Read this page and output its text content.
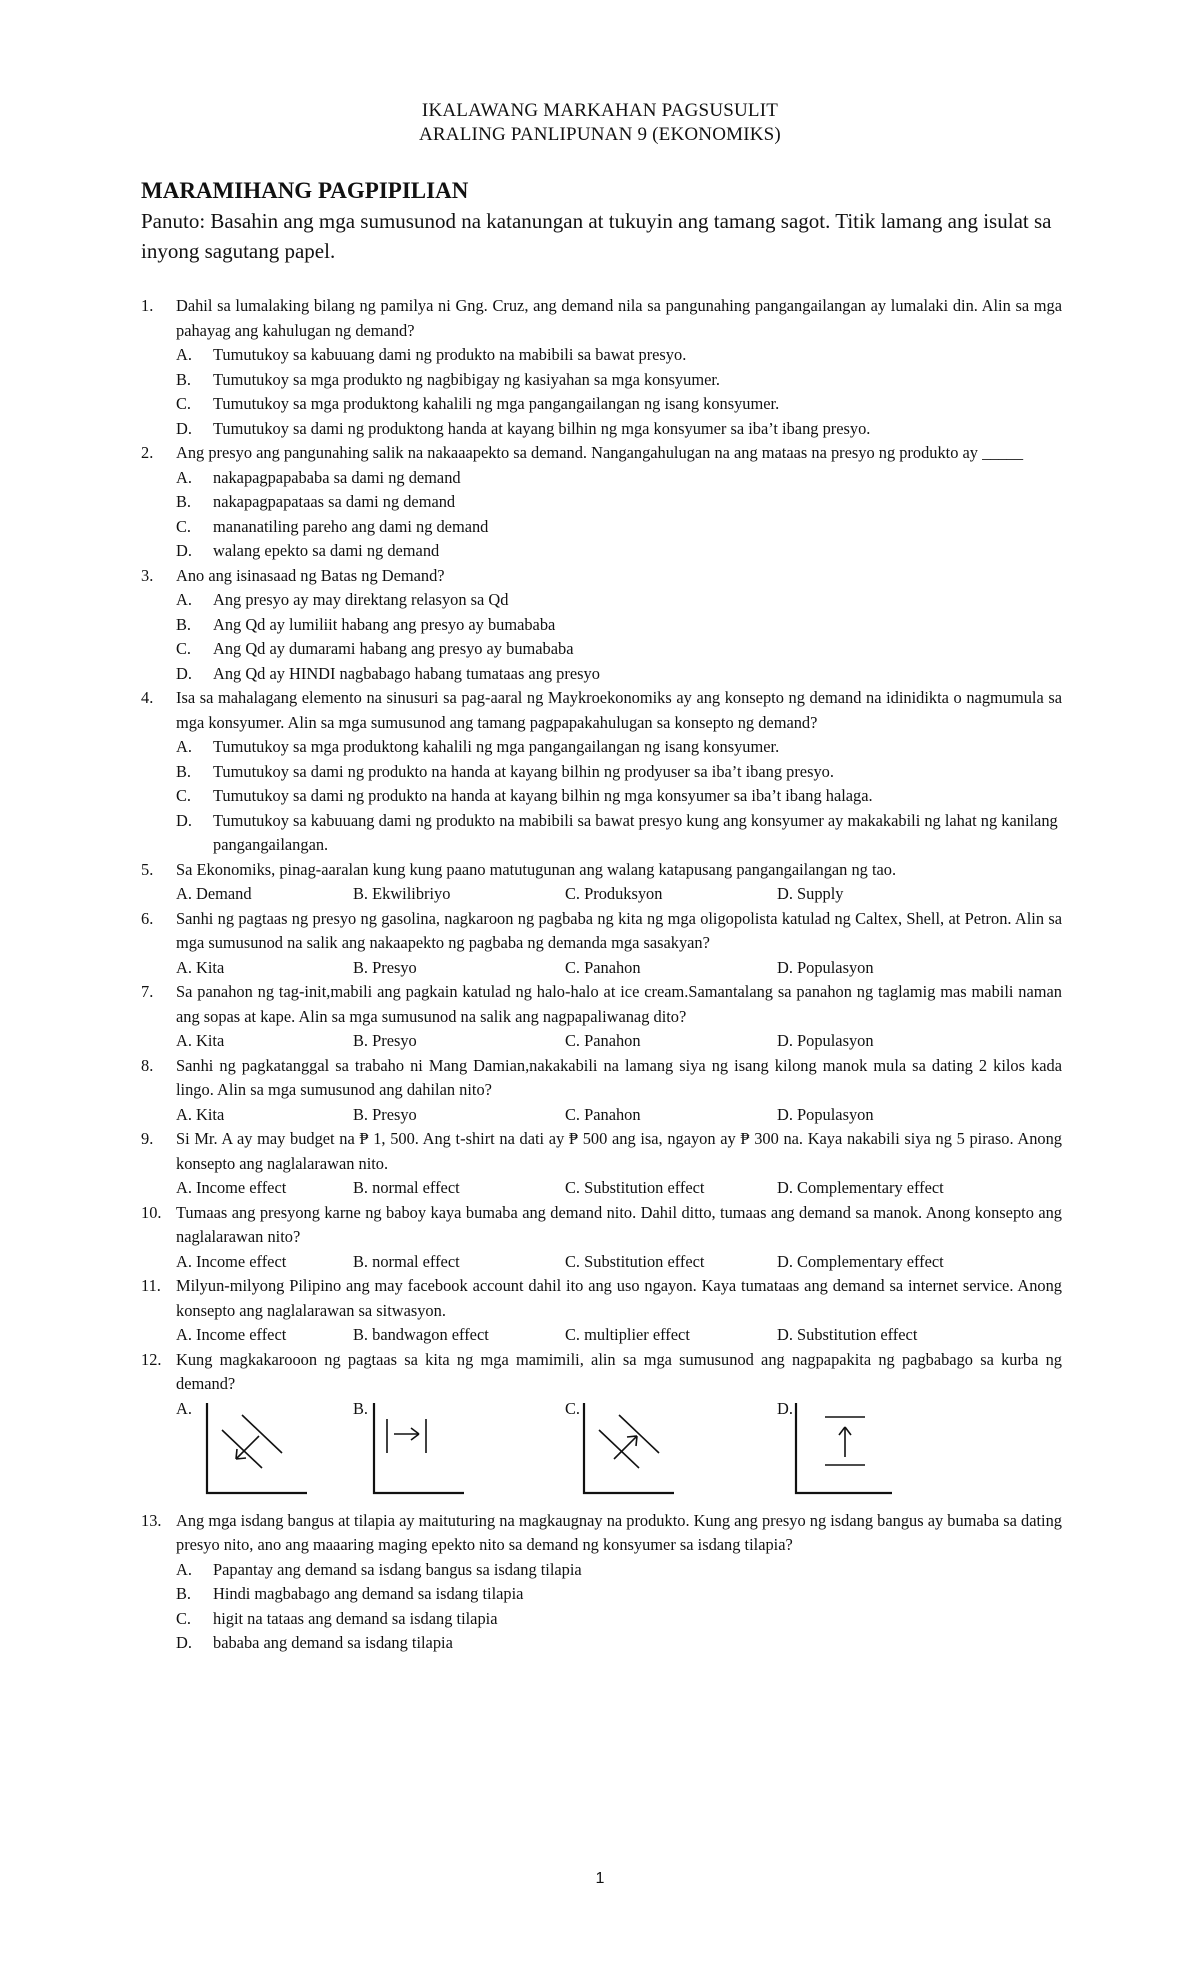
IKALAWANG MARKAHAN PAGSUSULIT
ARALING PANLIPUNAN 9 (EKONOMIKS)
MARAMIHANG PAGPIPILIAN
Panuto: Basahin ang mga sumusunod na katanungan at tukuyin ang tamang sagot. Titik lamang ang isulat sa inyong sagutang papel.
1. Dahil sa lumalaking bilang ng pamilya ni Gng. Cruz, ang demand nila sa pangunahing pangangailangan ay lumalaki din. Alin sa mga pahayag ang kahulugan ng demand?
A. Tumutukoy sa kabuuang dami ng produkto na mabibili sa bawat presyo.
B. Tumutukoy sa mga produkto ng nagbibigay ng kasiyahan sa mga konsyumer.
C. Tumutukoy sa mga produktong kahalili ng mga pangangailangan ng isang konsyumer.
D. Tumutukoy sa dami ng produktong handa at kayang bilhin ng mga konsyumer sa iba’t ibang presyo.
2. Ang presyo ang pangunahing salik na nakaaapekto sa demand. Nangangahulugan na ang mataas na presyo ng produkto ay _____
A. nakapagpapababa sa dami ng demand
B. nakapagpapataas sa dami ng demand
C. mananatiling pareho ang dami ng demand
D. walang epekto sa dami ng demand
3. Ano ang isinasaad ng Batas ng Demand?
A. Ang presyo ay may direktang relasyon sa Qd
B. Ang Qd ay lumiliit habang ang presyo ay bumababa
C. Ang Qd ay dumarami habang ang presyo ay bumababa
D. Ang Qd ay HINDI nagbabago habang tumataas ang presyo
4. Isa sa mahalagang elemento na sinusuri sa pag-aaral ng Maykroekonomiks ay ang konsepto ng demand na idinidikta o nagmumula sa mga konsyumer. Alin sa mga sumusunod ang tamang pagpapakahulugan sa konsepto ng demand?
A. Tumutukoy sa mga produktong kahalili ng mga pangangailangan ng isang konsyumer.
B. Tumutukoy sa dami ng produkto na handa at kayang bilhin ng prodyuser sa iba’t ibang presyo.
C. Tumutukoy sa dami ng produkto na handa at kayang bilhin ng mga konsyumer sa iba’t ibang halaga.
D. Tumutukoy sa kabuuang dami ng produkto na mabibili sa bawat presyo kung ang konsyumer ay makakabili ng lahat ng kanilang pangangailangan.
5. Sa Ekonomiks, pinag-aaralan kung kung paano matutugunan ang walang katapusang pangangailangan ng tao.
A. Demand	B. Ekwilibriyo	C. Produksyon	D. Supply
6. Sanhi ng pagtaas ng presyo ng gasolina, nagkaroon ng pagbaba ng kita ng mga oligopolista katulad ng Caltex, Shell, at Petron. Alin sa mga sumusunod na salik ang nakaapekto ng pagbaba ng demanda mga sasakyan?
A. Kita	B. Presyo	C. Panahon	D. Populasyon
7. Sa panahon ng tag-init,mabili ang pagkain katulad ng halo-halo at ice cream.Samantalang sa panahon ng taglamig mas mabili naman ang sopas at kape. Alin sa mga sumusunod na salik ang nagpapaliwanag dito?
A. Kita	B. Presyo	C. Panahon	D. Populasyon
8. Sanhi ng pagkatanggal sa trabaho ni Mang Damian,nakakabili na lamang siya ng isang kilong manok mula sa dating 2 kilos kada lingo. Alin sa mga sumusunod ang dahilan nito?
A. Kita	B. Presyo	C. Panahon	D. Populasyon
9. Si Mr. A ay may budget na ₱ 1, 500. Ang t-shirt na dati ay ₱ 500 ang isa, ngayon ay ₱ 300 na. Kaya nakabili siya ng 5 piraso. Anong konsepto ang naglalarawan nito.
A. Income effect	B. normal effect	C. Substitution effect	D. Complementary effect
10. Tumaas ang presyong karne ng baboy kaya bumaba ang demand nito. Dahil ditto, tumaas ang demand sa manok. Anong konsepto ang naglalarawan nito?
A. Income effect	B. normal effect	C. Substitution effect	D. Complementary effect
11. Milyun-milyong Pilipino ang may facebook account dahil ito ang uso ngayon. Kaya tumataas ang demand sa internet service. Anong konsepto ang naglalarawan sa sitwasyon.
A. Income effect	B. bandwagon effect	C. multiplier effect	D. Substitution effect
12. Kung magkakarooon ng pagtaas sa kita ng mga mamimili, alin sa mga sumusunod ang nagpapakita ng pagbabago sa kurba ng demand?
A.	B.	C.	D.
13. Ang mga isdang bangus at tilapia ay maituturing na magkaugnay na produkto. Kung ang presyo ng isdang bangus ay bumaba sa dating presyo nito, ano ang maaaring maging epekto nito sa demand ng konsyumer sa isdang tilapia?
A. Papantay ang demand sa isdang bangus sa isdang tilapia
B. Hindi magbabago ang demand sa isdang tilapia
C. higit na tataas ang demand sa isdang tilapia
D. bababa ang demand sa isdang tilapia
1
